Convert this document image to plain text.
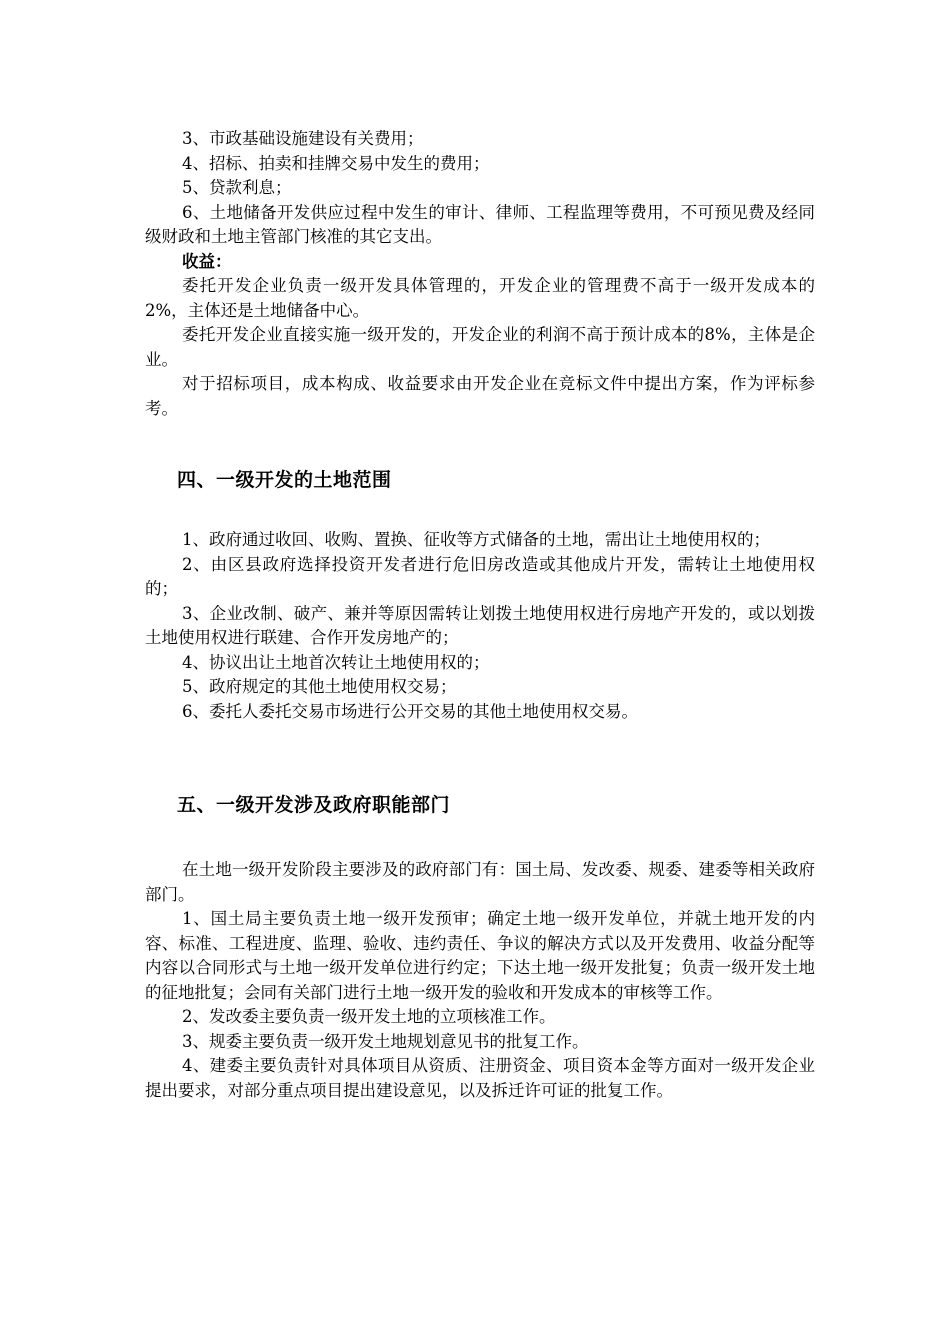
3、市政基础设施建设有关费用；

4、招标、拍卖和挂牌交易中发生的费用；

5、贷款利息；

6、土地储备开发供应过程中发生的审计、律师、工程监理等费用，不可预见费及经同级财政和土地主管部门核准的其它支出。

收益：

委托开发企业负责一级开发具体管理的，开发企业的管理费不高于一级开发成本的2%，主体还是土地储备中心。

委托开发企业直接实施一级开发的，开发企业的利润不高于预计成本的8%，主体是企业。

对于招标项目，成本构成、收益要求由开发企业在竞标文件中提出方案，作为评标参考。

四、一级开发的土地范围

1、政府通过收回、收购、置换、征收等方式储备的土地，需出让土地使用权的；

2、由区县政府选择投资开发者进行危旧房改造或其他成片开发，需转让土地使用权的；

3、企业改制、破产、兼并等原因需转让划拨土地使用权进行房地产开发的，或以划拨土地使用权进行联建、合作开发房地产的；

4、协议出让土地首次转让土地使用权的；

5、政府规定的其他土地使用权交易；

6、委托人委托交易市场进行公开交易的其他土地使用权交易。

五、一级开发涉及政府职能部门

在土地一级开发阶段主要涉及的政府部门有：国土局、发改委、规委、建委等相关政府部门。

1、国土局主要负责土地一级开发预审；确定土地一级开发单位，并就土地开发的内容、标准、工程进度、监理、验收、违约责任、争议的解决方式以及开发费用、收益分配等内容以合同形式与土地一级开发单位进行约定；下达土地一级开发批复；负责一级开发土地的征地批复；会同有关部门进行土地一级开发的验收和开发成本的审核等工作。

2、发改委主要负责一级开发土地的立项核准工作。

3、规委主要负责一级开发土地规划意见书的批复工作。

4、建委主要负责针对具体项目从资质、注册资金、项目资本金等方面对一级开发企业提出要求，对部分重点项目提出建设意见，以及拆迁许可证的批复工作。
